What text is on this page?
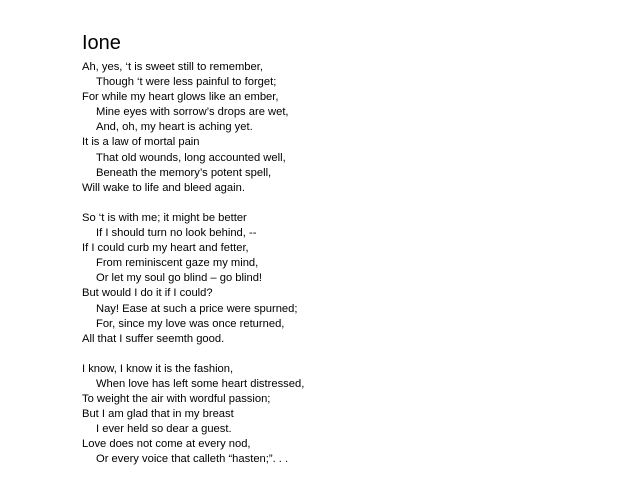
Ione
Ah, yes, ‘t is sweet still to remember,
Though ‘t were less painful to forget;
For while my heart glows like an ember,
Mine eyes with sorrow’s drops are wet,
And, oh, my heart is aching yet.
It is a law of mortal pain
That old wounds, long accounted well,
Beneath the memory’s potent spell,
Will wake to life and bleed again.
So ‘t is with me; it might be better
If I should turn no look behind, --
If I could curb my heart and fetter,
From reminiscent gaze my mind,
Or let my soul go blind – go blind!
But would I do it if I could?
Nay! Ease at such a price were spurned;
For, since my love was once returned,
All that I suffer seemth good.
I know, I know it is the fashion,
When love has left some heart distressed,
To weight the air with wordful passion;
But I am glad that in my breast
I ever held so dear a guest.
Love does not come at every nod,
Or every voice that calleth “hasten;”. . .
